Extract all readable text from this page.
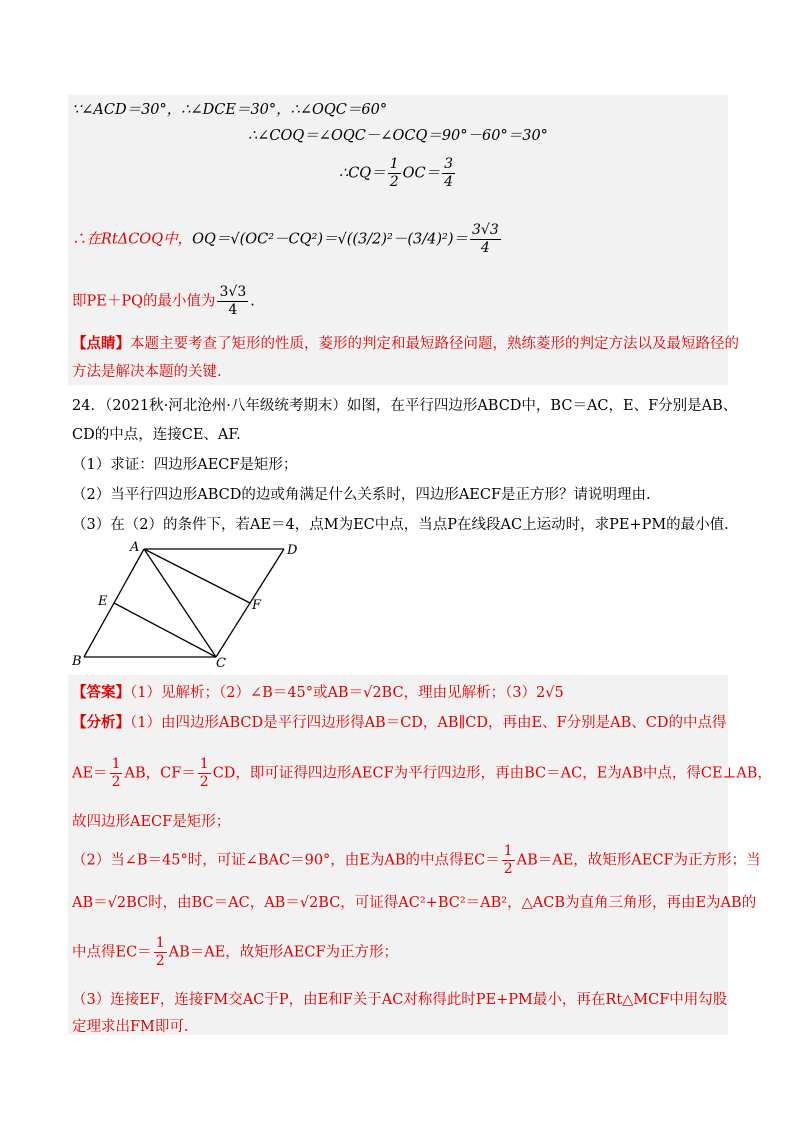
∵∠ACD＝30°，∴∠DCE＝30°，∴∠OQC＝60°
∴∠COQ＝∠OQC－∠OCQ＝90°－60°＝30°
∴CQ＝ $\frac{1}{2} OC= \frac{3}{4}$
∴在RtΔCOQ中，$OQ=√(OC^2-CQ^2)=√((3/2)^2-(3/4)^2)= \frac{3√3}{4}$
即PE＋PQ的最小值为 $\frac{3√3}{4}$ .
【点睛】本题主要考查了矩形的性质，菱形的判定和最短路径问题，熟练菱形的判定方法以及最短路径的
方法是解决本题的关键.
24．（2021秋·河北沧州·八年级统考期末）如图，在平行四边形ABCD中，BC＝AC，E、F分别是AB、
CD的中点，连接CE、AF.
（1）求证：四边形AECF是矩形；
（2）当平行四边形ABCD的边或角满足什么关系时，四边形AECF是正方形？请说明理由.
（3）在（2）的条件下，若AE＝4，点M为EC中点，当点P在线段AC上运动时，求PE+PM的最小值.
A	D
E	F
B	C
【答案】（1）见解析；（2）∠B＝45°或AB＝√2BC，理由见解析；（3）2√5
【分析】（1）由四边形ABCD是平行四边形得AB＝CD，AB∥CD，再由E、F分别是AB、CD的中点得
$AE= \frac{1}{2}$ AB，$CF= \frac{1}{2}$ CD，即可证得四边形AECF为平行四边形，再由BC＝AC，E为AB中点，得CE⊥AB，
故四边形AECF是矩形；
（2）当∠B＝45°时，可证∠BAC＝90°，由E为AB的中点得$EC= \frac{1}{2} AB=AE$，故矩形AECF为正方形；当
AB＝√2BC时，由BC＝AC，AB＝√2BC，可证得AC²+BC²＝AB²，△ACB为直角三角形，再由E为AB的
中点得$EC= \frac{1}{2} AB=AE$，故矩形AECF为正方形；
（3）连接EF，连接FM交AC于P，由E和F关于AC对称得此时PE+PM最小，再在Rt△MCF中用勾股
定理求出FM即可.
